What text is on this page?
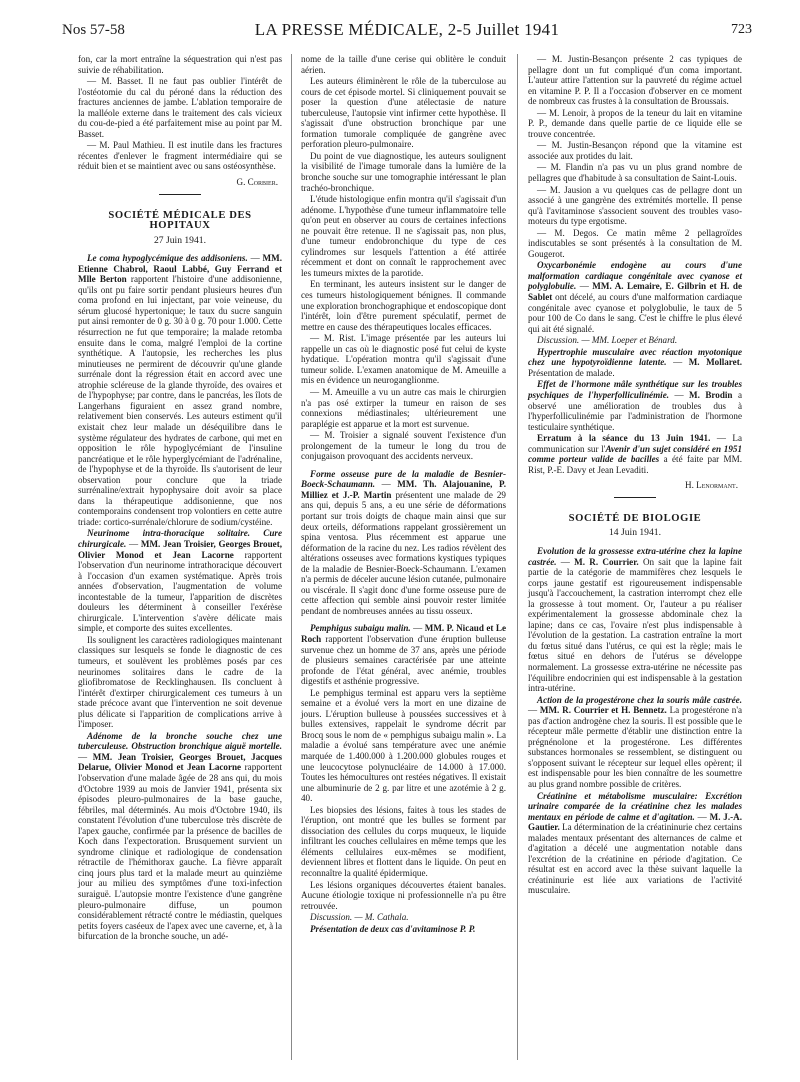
Nos 57-58	LA PRESSE MÉDICALE, 2-5 Juillet 1941	723

fon, car la mort entraîne la séquestration qui n'est pas suivie de réhabilitation.

— M. Basset. Il ne faut pas oublier l'intérêt de l'ostéotomie du cal du péroné dans la réduction des fractures anciennes de jambe. L'ablation temporaire de la malléole externe dans le traitement des cals vicieux du cou-de-pied a été parfaitement mise au point par M. Basset.

— M. Paul Mathieu. Il est inutile dans les fractures récentes d'enlever le fragment intermédiaire qui se réduit bien et se maintient avec ou sans ostéosynthèse.

G. Corbier.

SOCIÉTÉ MÉDICALE DES HOPITAUX
27 Juin 1941.

Le coma hypoglycémique des addisoniens. — MM. Etienne Chabrol, Raoul Labbé, Guy Ferrand et Mlle Berton rapportent l'histoire d'une addisonienne, qu'ils ont pu faire sortir pendant plusieurs heures d'un coma profond en lui injectant, par voie veineuse, du sérum glucosé hypertonique; le taux du sucre sanguin put ainsi remonter de 0 g. 30 à 0 g. 70 pour 1.000. Cette résurrection ne fut que temporaire; la malade retomba ensuite dans le coma, malgré l'emploi de la cortine synthétique. A l'autopsie, les recherches les plus minutieuses ne permirent de découvrir qu'une glande surrénale dont la régression était en accord avec une atrophie scléreuse de la glande thyroïde, des ovaires et de l'hypophyse; par contre, dans le pancréas, les îlots de Langerhans figuraient en assez grand nombre, relativement bien conservés. Les auteurs estiment qu'il existait chez leur malade un déséquilibre dans le système régulateur des hydrates de carbone, qui met en opposition le rôle hypoglycémiant de l'insuline pancréatique et le rôle hyperglycémiant de l'adrénaline, de l'hypophyse et de la thyroïde. Ils s'autorisent de leur observation pour conclure que la triade surrénaline/extrait hypophysaire doit avoir sa place dans la thérapeutique addisonienne, que nos contemporains condensent trop volontiers en cette autre triade: cortico-surrénale/chlorure de sodium/cystéine.

Neurinome intra-thoracique solitaire. Cure chirurgicale. — MM. Jean Troisier, Georges Brouet, Olivier Monod et Jean Lacorne rapportent l'observation d'un neurinome intrathoracique découvert à l'occasion d'un examen systématique. Après trois années d'observation, l'augmentation de volume incontestable de la tumeur, l'apparition de discrètes douleurs les déterminent à conseiller l'exérèse chirurgicale. L'intervention s'avère délicate mais simple, et comporte des suites excellentes.

Ils soulignent les caractères radiologiques maintenant classiques sur lesquels se fonde le diagnostic de ces tumeurs, et soulèvent les problèmes posés par ces neurinomes solitaires dans le cadre de la gliofibromatose de Recklinghausen. Ils concluent à l'intérêt d'extirper chirurgicalement ces tumeurs à un stade précoce avant que l'intervention ne soit devenue plus délicate si l'apparition de complications arrive à l'imposer.

Adénome de la bronche souche chez une tuberculeuse. Obstruction bronchique aiguë mortelle. — MM. Jean Troisier, Georges Brouet, Jacques Delarue, Olivier Monod et Jean Lacorne rapportent l'observation d'une malade âgée de 28 ans qui, du mois d'Octobre 1939 au mois de Janvier 1941, présenta six épisodes pleuro-pulmonaires de la base gauche, fébriles, mal déterminés. Au mois d'Octobre 1940, ils constatent l'évolution d'une tuberculose très discrète de l'apex gauche, confirmée par la présence de bacilles de Koch dans l'expectoration. Brusquement survient un syndrome clinique et radiologique de condensation rétractile de l'hémithorax gauche. La fièvre apparaît cinq jours plus tard et la malade meurt au quinzième jour au milieu des symptômes d'une toxi-infection suraiguë. L'autopsie montre l'existence d'une gangrène pleuro-pulmonaire diffuse, un poumon considérablement rétracté contre le médiastin, quelques petits foyers caséeux de l'apex avec une caverne, et, à la bifurcation de la bronche souche, un adé-

nome de la taille d'une cerise qui oblitère le conduit aérien.

Les auteurs éliminèrent le rôle de la tuberculose au cours de cet épisode mortel. Si cliniquement pouvait se poser la question d'une atélectasie de nature tuberculeuse, l'autopsie vint infirmer cette hypothèse. Il s'agissait d'une obstruction bronchique par une formation tumorale compliquée de gangrène avec perforation pleuro-pulmonaire.

Du point de vue diagnostique, les auteurs soulignent la visibilité de l'image tumorale dans la lumière de la bronche souche sur une tomographie intéressant le plan trachéo-bronchique.

L'étude histologique enfin montra qu'il s'agissait d'un adénome. L'hypothèse d'une tumeur inflammatoire telle qu'on peut en observer au cours de certaines infections ne pouvait être retenue. Il ne s'agissait pas, non plus, d'une tumeur endobronchique du type de ces cylindromes sur lesquels l'attention a été attirée récemment et dont on connaît le rapprochement avec les tumeurs mixtes de la parotide.

En terminant, les auteurs insistent sur le danger de ces tumeurs histologiquement bénignes. Il commande une exploration bronchographique et endoscopique dont l'intérêt, loin d'être purement spéculatif, permet de mettre en cause des thérapeutiques locales efficaces.

— M. Rist. L'image présentée par les auteurs lui rappelle un cas où le diagnostic posé fut celui de kyste hydatique. L'opération montra qu'il s'agissait d'une tumeur solide. L'examen anatomique de M. Ameuille a mis en évidence un neuroganglionme.

— M. Ameuille a vu un autre cas mais le chirurgien n'a pas osé extirper la tumeur en raison de ses connexions médiastinales; ultérieurement une paraplégie est apparue et la mort est survenue.

— M. Troisier a signalé souvent l'existence d'un prolongement de la tumeur le long du trou de conjugaison provoquant des accidents nerveux.

Forme osseuse pure de la maladie de Besnier-Boeck-Schaumann. — MM. Th. Alajouanine, P. Milliez et J.-P. Martin présentent une malade de 29 ans qui, depuis 5 ans, a eu une série de déformations portant sur trois doigts de chaque main ainsi que sur deux orteils, déformations rappelant grossièrement un spina ventosa. Plus récemment est apparue une déformation de la racine du nez. Les radios révèlent des altérations osseuses avec formations kystiques typiques de la maladie de Besnier-Boeck-Schaumann. L'examen n'a permis de déceler aucune lésion cutanée, pulmonaire ou viscérale. Il s'agit donc d'une forme osseuse pure de cette affection qui semble ainsi pouvoir rester limitée pendant de nombreuses années au tissu osseux.

Pemphigus subaigu malin. — MM. P. Nicaud et Le Roch rapportent l'observation d'une éruption bulleuse survenue chez un homme de 37 ans, après une période de plusieurs semaines caractérisée par une atteinte profonde de l'état général, avec anémie, troubles digestifs et asthénie progressive.

Le pemphigus terminal est apparu vers la septième semaine et a évolué vers la mort en une dizaine de jours. L'éruption bulleuse à poussées successives et à bulles extensives, rappelait le syndrome décrit par Brocq sous le nom de « pemphigus subaigu malin ». La maladie a évolué sans température avec une anémie marquée de 1.400.000 à 1.200.000 globules rouges et une leucocytose polynucléaire de 14.000 à 17.000. Toutes les hémocultures ont restées négatives. Il existait une albuminurie de 2 g. par litre et une azotémie à 2 g. 40.

Les biopsies des lésions, faites à tous les stades de l'éruption, ont montré que les bulles se forment par dissociation des cellules du corps muqueux, le liquide infiltrant les couches cellulaires en même temps que les éléments cellulaires eux-mêmes se modifient, deviennent libres et flottent dans le liquide. On peut en reconnaître la qualité épidermique.

Les lésions organiques découvertes étaient banales. Aucune étiologie toxique ni professionnelle n'a pu être retrouvée.

Discussion. — M. Cathala.

Présentation de deux cas d'avitaminose P. P.

— M. Justin-Besançon présente 2 cas typiques de pellagre dont un fut compliqué d'un coma important. L'auteur attire l'attention sur la pauvreté du régime actuel en vitamine P. P. Il a l'occasion d'observer en ce moment de nombreux cas frustes à la consultation de Broussais.

— M. Lenoir, à propos de la teneur du lait en vitamine P. P., demande dans quelle partie de ce liquide elle se trouve concentrée.

— M. Justin-Besançon répond que la vitamine est associée aux protides du lait.

— M. Flandin n'a pas vu un plus grand nombre de pellagres que d'habitude à sa consultation de Saint-Louis.

— M. Jausion a vu quelques cas de pellagre dont un associé à une gangrène des extrémités mortelle. Il pense qu'à l'avitaminose s'associent souvent des troubles vaso-moteurs du type ergotisme.

— M. Degos. Ce matin même 2 pellagroïdes indiscutables se sont présentés à la consultation de M. Gougerot.

Oxycarbonémie endogène au cours d'une malformation cardiaque congénitale avec cyanose et polyglobulie. — MM. A. Lemaire, E. Gilbrin et H. de Sablet ont décelé, au cours d'une malformation cardiaque congénitale avec cyanose et polyglobulie, le taux de 5 pour 100 de Co dans le sang. C'est le chiffre le plus élevé qui ait été signalé.

Discussion. — MM. Loeper et Bénard.

Hypertrophie musculaire avec réaction myotonique chez une hypotyroïdienne latente. — M. Mollaret. Présentation de malade.

Effet de l'hormone mâle synthétique sur les troubles psychiques de l'hyperfolliculinémie. — M. Brodin a observé une amélioration de troubles dus à l'hyperfolliculinémie par l'administration de l'hormone testiculaire synthétique.

Erratum à la séance du 13 Juin 1941. — La communication sur l'Avenir d'un sujet considéré en 1951 comme porteur valide de bacilles a été faite par MM. Rist, P.-E. Davy et Jean Levaditi.

H. Lenormant.

SOCIÉTÉ DE BIOLOGIE
14 Juin 1941.

Evolution de la grossesse extra-utérine chez la lapine castrée. — M. R. Courrier. On sait que la lapine fait partie de la catégorie de mammifères chez lesquels le corps jaune gestatif est rigoureusement indispensable jusqu'à l'accouchement, la castration interrompt chez elle la grossesse à tout moment. Or, l'auteur a pu réaliser expérimentalement la grossesse abdominale chez la lapine; dans ce cas, l'ovaire n'est plus indispensable à l'évolution de la gestation. La castration entraîne la mort du fœtus situé dans l'utérus, ce qui est la règle; mais le fœtus situé en dehors de l'utérus se développe normalement. La grossesse extra-utérine ne nécessite pas l'équilibre endocrinien qui est indispensable à la gestation intra-utérine.

Action de la progestérone chez la souris mâle castrée. — MM. R. Courrier et H. Bennetz. La progestérone n'a pas d'action androgène chez la souris. Il est possible que le récepteur mâle permette d'établir une distinction entre la prégnénolone et la progestérone. Les différentes substances hormonales se ressemblent, se distinguent ou s'opposent suivant le récepteur sur lequel elles opèrent; il est indispensable pour les bien connaître de les soumettre au plus grand nombre possible de critères.

Créatinine et métabolisme musculaire: Excrétion urinaire comparée de la créatinine chez les malades mentaux en période de calme et d'agitation. — M. J.-A. Gautier. La détermination de la créatininurie chez certains malades mentaux présentant des alternances de calme et d'agitation a décelé une augmentation notable dans l'excrétion de la créatinine en période d'agitation. Ce résultat est en accord avec la thèse suivant laquelle la créatininurie est liée aux variations de l'activité musculaire.
